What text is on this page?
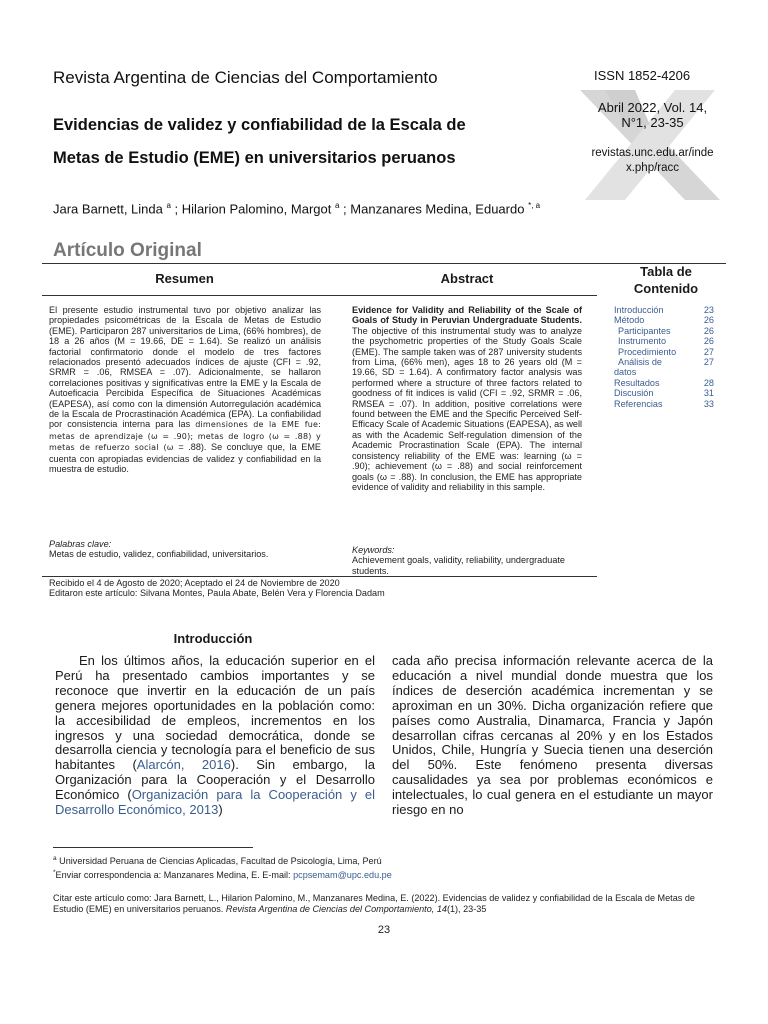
Revista Argentina de Ciencias del Comportamiento	ISSN 1852-4206
Abril 2022, Vol. 14,
N°1, 23-35
revistas.unc.edu.ar/inde
x.php/racc
Evidencias de validez y confiabilidad de la Escala de
Metas de Estudio (EME) en universitarios peruanos
Jara Barnett, Linda $^a$ ; Hilarion Palomino, Margot $^a$ ; Manzanares Medina, Eduardo $^{*, a}$
Artículo Original
Resumen	Abstract	Tabla de
Contenido
El presente estudio instrumental tuvo por objetivo analizar las propiedades psicométricas de la Escala de Metas de Estudio (EME). Participaron 287 universitarios de Lima, (66% hombres), de 18 a 26 años (M = 19.66, DE = 1.64). Se realizó un análisis factorial confirmatorio donde el modelo de tres factores relacionados presentó adecuados índices de ajuste (CFI = .92, SRMR = .06, RMSEA = .07). Adicionalmente, se hallaron correlaciones positivas y significativas entre la EME y la Escala de Autoeficacia Percibida Específica de Situaciones Académicas (EAPESA), así como con la dimensión Autorregulación académica de la Escala de Procrastinación Académica (EPA). La confiabilidad por consistencia interna para las dimensiones de la EME fue: metas de aprendizaje (ω = .90); metas de logro (ω = .88) y metas de refuerzo social (ω = .88). Se concluye que, la EME cuenta con apropiadas evidencias de validez y confiabilidad en la muestra de estudio.
Palabras clave:
Metas de estudio, validez, confiabilidad, universitarios.
Evidence for Validity and Reliability of the Scale of Goals of Study in Peruvian Undergraduate Students. The objective of this instrumental study was to analyze the psychometric properties of the Study Goals Scale (EME). The sample taken was of 287 university students from Lima, (66% men), ages 18 to 26 years old (M = 19.66, SD = 1.64). A confirmatory factor analysis was performed where a structure of three factors related to goodness of fit indices is valid (CFI = .92, SRMR = .06, RMSEA = .07). In addition, positive correlations were found between the EME and the Specific Perceived Self-Efficacy Scale of Academic Situations (EAPESA), as well as with the Academic Self-regulation dimension of the Academic Procrastination Scale (EPA). The internal consistency reliability of the EME was: learning (ω = .90); achievement (ω = .88) and social reinforcement goals (ω = .88). In conclusion, the EME has appropriate evidence of validity and reliability in this sample.
Keywords:
Achievement goals, validity, reliability, undergraduate students.
Introducción	23
Método	26
Participantes	26
Instrumento	26
Procedimiento	27
Análisis de	27
datos
Resultados	28
Discusión	31
Referencias	33
Recibido el 4 de Agosto de 2020; Aceptado el 24 de Noviembre de 2020
Editaron este artículo: Silvana Montes, Paula Abate, Belén Vera y Florencia Dadam
Introducción
En los últimos años, la educación superior en el Perú ha presentado cambios importantes y se reconoce que invertir en la educación de un país genera mejores oportunidades en la población como: la accesibilidad de empleos, incrementos en los ingresos y una sociedad democrática, donde se desarrolla ciencia y tecnología para el beneficio de sus habitantes (Alarcón, 2016). Sin embargo, la Organización para la Cooperación y el Desarrollo Económico (Organización para la Cooperación y el Desarrollo Económico, 2013)
cada año precisa información relevante acerca de la educación a nivel mundial donde muestra que los índices de deserción académica incrementan y se aproximan en un 30%. Dicha organización refiere que países como Australia, Dinamarca, Francia y Japón desarrollan cifras cercanas al 20% y en los Estados Unidos, Chile, Hungría y Suecia tienen una deserción del 50%. Este fenómeno presenta diversas causalidades ya sea por problemas económicos e intelectuales, lo cual genera en el estudiante un mayor riesgo en no
$^a$ Universidad Peruana de Ciencias Aplicadas, Facultad de Psicología, Lima, Perú
*Enviar correspondencia a: Manzanares Medina, E. E-mail: pcpsemam@upc.edu.pe
Citar este artículo como: Jara Barnett, L., Hilarion Palomino, M., Manzanares Medina, E. (2022). Evidencias de validez y confiabilidad de la Escala de Metas de Estudio (EME) en universitarios peruanos. Revista Argentina de Ciencias del Comportamiento, 14(1), 23-35
23
